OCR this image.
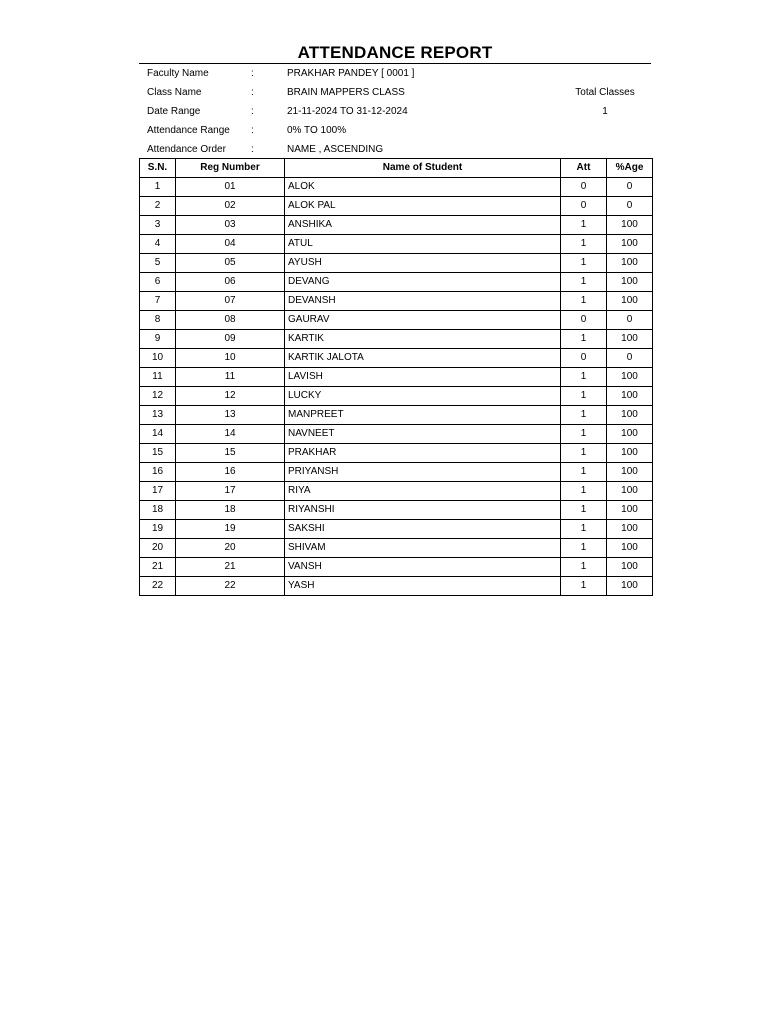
ATTENDANCE REPORT
Faculty Name	:	PRAKHAR PANDEY [ 0001 ]
Class Name	:	BRAIN MAPPERS CLASS	Total Classes
Date Range	:	21-11-2024 TO 31-12-2024	1
Attendance Range :	0% TO 100%
Attendance Order	:	NAME , ASCENDING
S.N.	Reg Number	Name of Student	Att	%Age
1	01	ALOK	0	0
2	02	ALOK PAL	0	0
3	03	ANSHIKA	1	100
4	04	ATUL	1	100
5	05	AYUSH	1	100
6	06	DEVANG	1	100
7	07	DEVANSH	1	100
8	08	GAURAV	0	0
9	09	KARTIK	1	100
10	10	KARTIK JALOTA	0	0
11	11	LAVISH	1	100
12	12	LUCKY	1	100
13	13	MANPREET	1	100
14	14	NAVNEET	1	100
15	15	PRAKHAR	1	100
16	16	PRIYANSH	1	100
17	17	RIYA	1	100
18	18	RIYANSHI	1	100
19	19	SAKSHI	1	100
20	20	SHIVAM	1	100
21	21	VANSH	1	100
22	22	YASH	1	100
